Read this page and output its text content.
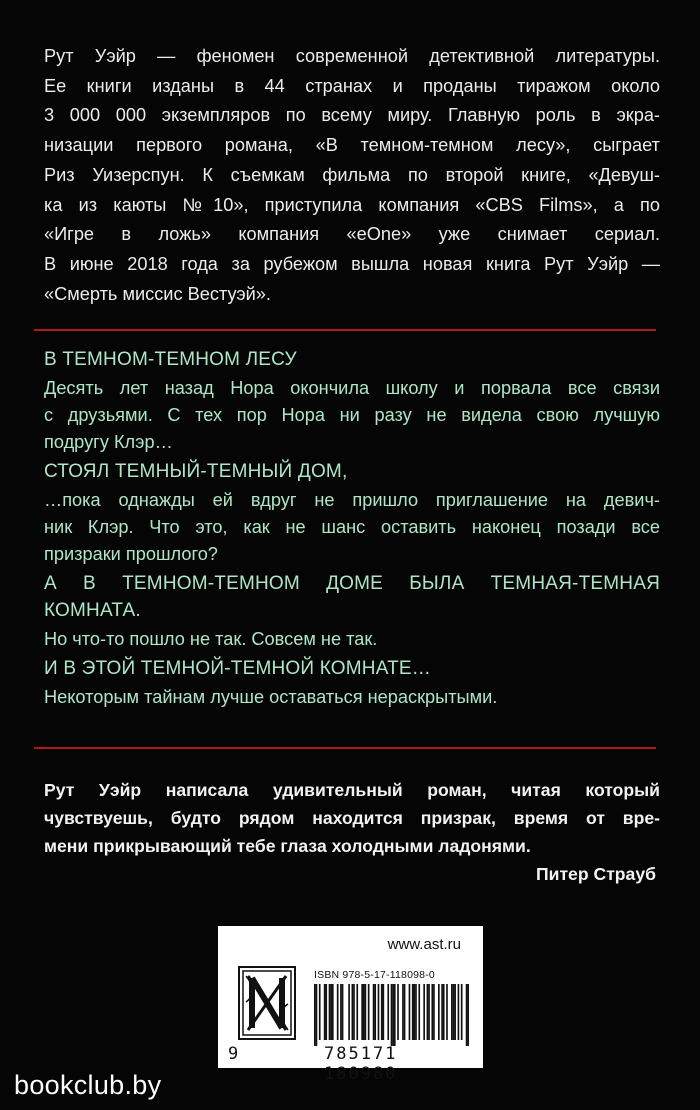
Рут Уэйр — феномен современной детективной литературы.
Ее книги изданы в 44 странах и проданы тиражом около
3 000 000 экземпляров по всему миру. Главную роль в экра-
низации первого романа, «В темном-темном лесу», сыграет
Риз Уизерспун. К съемкам фильма по второй книге, «Девуш-
ка из каюты №10», приступила компания «CBS Films», а по
«Игре в ложь» компания «eOne» уже снимает сериал.
В июне 2018 года за рубежом вышла новая книга Рут Уэйр —
«Смерть миссис Вестуэй».
В ТЕМНОМ-ТЕМНОМ ЛЕСУ
Десять лет назад Нора окончила школу и порвала все связи
с друзьями. С тех пор Нора ни разу не видела свою лучшую
подругу Клэр…
СТОЯЛ ТЕМНЫЙ-ТЕМНЫЙ ДОМ,
…пока однажды ей вдруг не пришло приглашение на девич-
ник Клэр. Что это, как не шанс оставить наконец позади все
призраки прошлого?
А В ТЕМНОМ-ТЕМНОМ ДОМЕ БЫЛА ТЕМНАЯ-ТЕМНАЯ
КОМНАТА.
Но что-то пошло не так. Совсем не так.
И В ЭТОЙ ТЕМНОЙ-ТЕМНОЙ КОМНАТЕ…
Некоторым тайнам лучше оставаться нераскрытыми.
Рут Уэйр написала удивительный роман, читая который
чувствуешь, будто рядом находится призрак, время от вре-
мени прикрывающий тебе глаза холодными ладонями.
Питер Страуб
www.ast.ru
ISBN 978-5-17-118098-0
9	785171 180980
bookclub.by
